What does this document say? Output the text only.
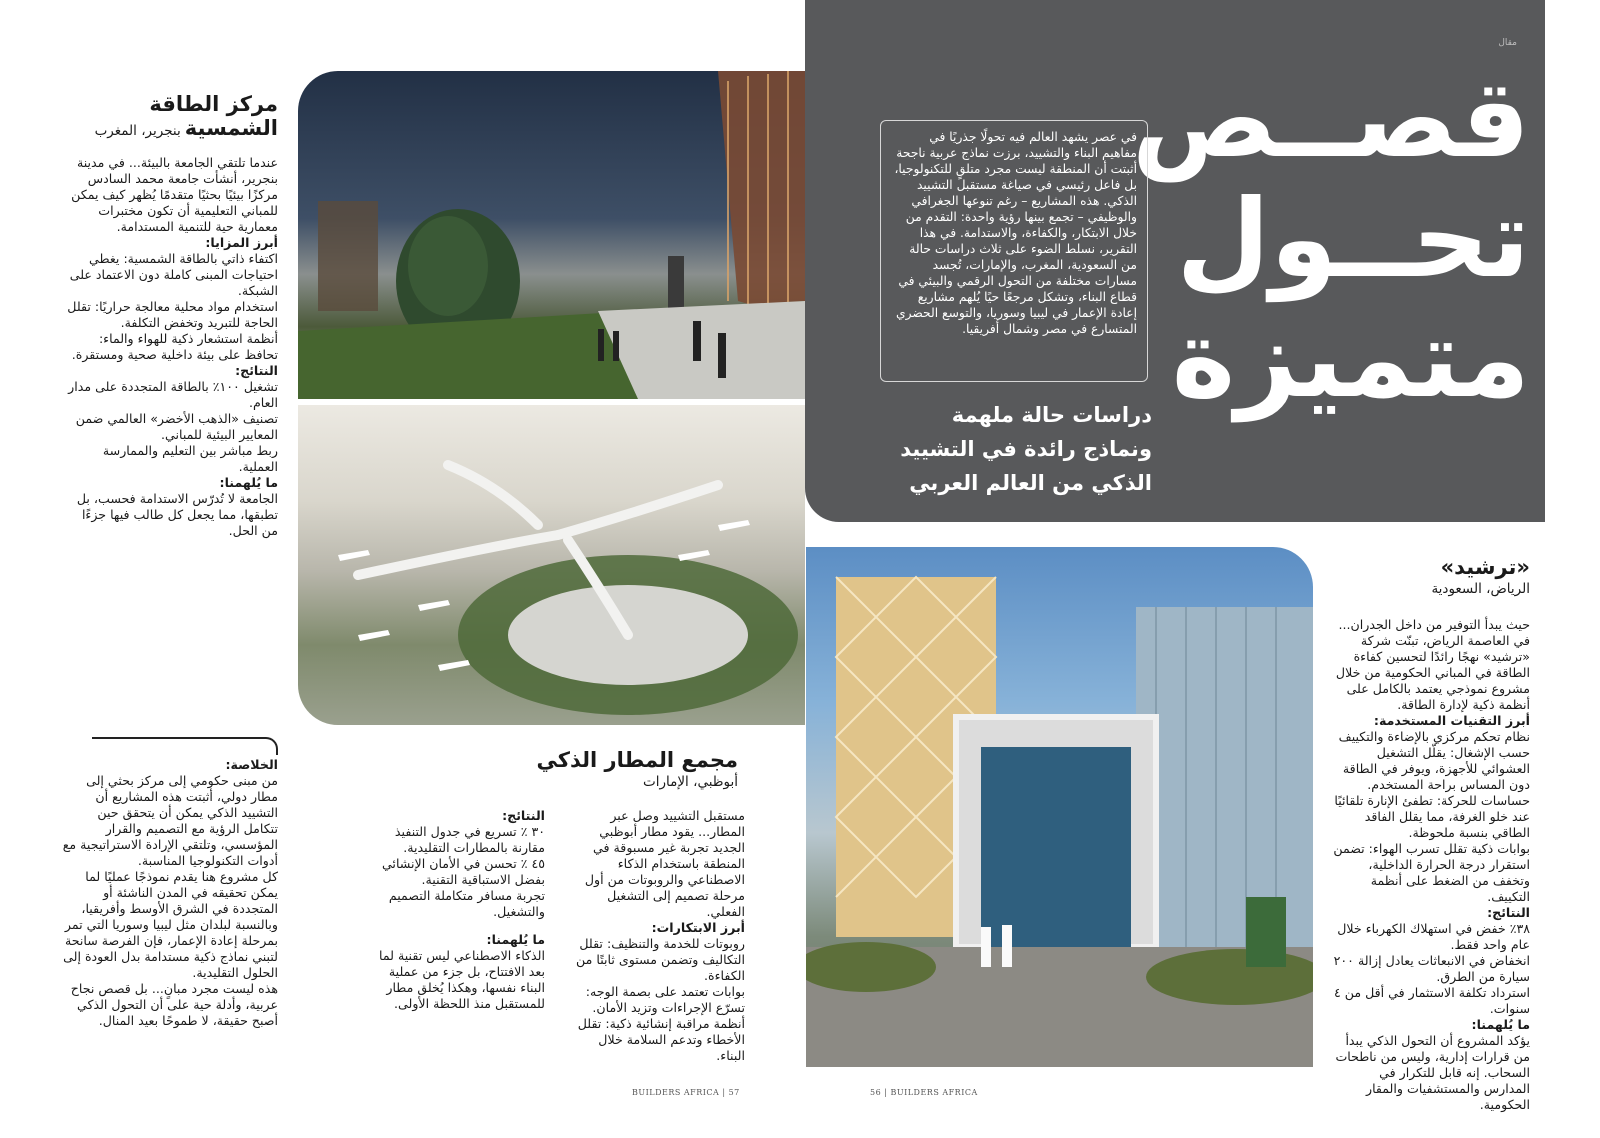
مقال
قصــص
تحــول
متميزة
في عصر يشهد العالم فيه تحولًا جذريًا في مفاهيم البناء والتشييد، برزت نماذج عربية ناجحة أثبتت أن المنطقة ليست مجرد متلقٍ للتكنولوجيا، بل فاعل رئيسي في صياغة مستقبل التشييد الذكي. هذه المشاريع – رغم تنوعها الجغرافي والوظيفي – تجمع بينها رؤية واحدة: التقدم من خلال الابتكار، والكفاءة، والاستدامة. في هذا التقرير، نسلط الضوء على ثلاث دراسات حالة من السعودية، المغرب، والإمارات، تُجسد مسارات مختلفة من التحول الرقمي والبيئي في قطاع البناء، وتشكل مرجعًا حيًا يُلهم مشاريع إعادة الإعمار في ليبيا وسوريا، والتوسع الحضري المتسارع في مصر وشمال أفريقيا.
دراسات حالة ملهمة
ونماذج رائدة في التشييد
الذكي من العالم العربي
مركز الطاقة
الشمسية بنجرير، المغرب

عندما تلتقي الجامعة بالبيئة... في مدينة بنجرير، أنشأت جامعة محمد السادس مركزًا بيئيًا بحثيًا متقدمًا يُظهر كيف يمكن للمباني التعليمية أن تكون مختبرات معمارية حية للتنمية المستدامة.

أبرز المزايا:

اكتفاء ذاتي بالطاقة الشمسية: يغطي احتياجات المبنى كاملة دون الاعتماد على الشبكة.

استخدام مواد محلية معالجة حراريًا: تقلل الحاجة للتبريد وتخفض التكلفة.

أنظمة استشعار ذكية للهواء والماء: تحافظ على بيئة داخلية صحية ومستقرة.

النتائج:

تشغيل ١٠٠٪ بالطاقة المتجددة على مدار العام.

تصنيف «الذهب الأخضر» العالمي ضمن المعايير البيئية للمباني.

ربط مباشر بين التعليم والممارسة العملية.

ما يُلهمنا:

الجامعة لا تُدرّس الاستدامة فحسب، بل تطبقها، مما يجعل كل طالب فيها جزءًا من الحل.

«ترشيد»
الرياض، السعودية

حيث يبدأ التوفير من داخل الجدران... في العاصمة الرياض، تبنّت شركة «ترشيد» نهجًا رائدًا لتحسين كفاءة الطاقة في المباني الحكومية من خلال مشروع نموذجي يعتمد بالكامل على أنظمة ذكية لإدارة الطاقة.

أبرز التقنيات المستخدمة:

نظام تحكم مركزي بالإضاءة والتكييف حسب الإشغال: يقلّل التشغيل العشوائي للأجهزة، ويوفر في الطاقة دون المساس براحة المستخدم.

حساسات للحركة: تطفئ الإنارة تلقائيًا عند خلو الغرفة، مما يقلل الفاقد الطاقي بنسبة ملحوظة.

بوابات ذكية تقلل تسرب الهواء: تضمن استقرار درجة الحرارة الداخلية، وتخفف من الضغط على أنظمة التكييف.

النتائج:

٣٨٪ خفض في استهلاك الكهرباء خلال عام واحد فقط.

انخفاض في الانبعاثات يعادل إزالة ٢٠٠ سيارة من الطرق.

استرداد تكلفة الاستثمار في أقل من ٤ سنوات.

ما يُلهمنا:

يؤكد المشروع أن التحول الذكي يبدأ من قرارات إدارية، وليس من ناطحات السحاب. إنه قابل للتكرار في المدارس والمستشفيات والمقار الحكومية.

مجمع المطار الذكي
أبوظبي، الإمارات

مستقبل التشييد وصل عبر المطار... يقود مطار أبوظبي الجديد تجربة غير مسبوقة في المنطقة باستخدام الذكاء الاصطناعي والروبوتات من أول مرحلة تصميم إلى التشغيل الفعلي.

أبرز الابتكارات:

روبوتات للخدمة والتنظيف: تقلل التكاليف وتضمن مستوى ثابتًا من الكفاءة.

بوابات تعتمد على بصمة الوجه: تسرّع الإجراءات وتزيد الأمان.

أنظمة مراقبة إنشائية ذكية: تقلل الأخطاء وتدعم السلامة خلال البناء.

النتائج:

٣٠ ٪ تسريع في جدول التنفيذ مقارنة بالمطارات التقليدية.

٤٥ ٪ تحسن في الأمان الإنشائي بفضل الاستباقية التقنية.

تجربة مسافر متكاملة التصميم والتشغيل.

ما يُلهمنا:

الذكاء الاصطناعي ليس تقنية لما بعد الافتتاح، بل جزء من عملية البناء نفسها، وهكذا يُخلق مطار للمستقبل منذ اللحظة الأولى.

الخلاصة:

من مبنى حكومي إلى مركز بحثي إلى مطار دولي، أثبتت هذه المشاريع أن التشييد الذكي يمكن أن يتحقق حين تتكامل الرؤية مع التصميم والقرار المؤسسي، وتلتقي الإرادة الاستراتيجية مع أدوات التكنولوجيا المناسبة.

كل مشروع هنا يقدم نموذجًا عمليًا لما يمكن تحقيقه في المدن الناشئة أو المتجددة في الشرق الأوسط وأفريقيا، وبالنسبة لبلدان مثل ليبيا وسوريا التي تمر بمرحلة إعادة الإعمار، فإن الفرصة سانحة لتبني نماذج ذكية مستدامة بدل العودة إلى الحلول التقليدية.

هذه ليست مجرد مبانٍ... بل قصص نجاح عربية، وأدلة حية على أن التحول الذكي أصبح حقيقة، لا طموحًا بعيد المنال.

BUILDERS AFRICA | 57	56 | BUILDERS AFRICA
